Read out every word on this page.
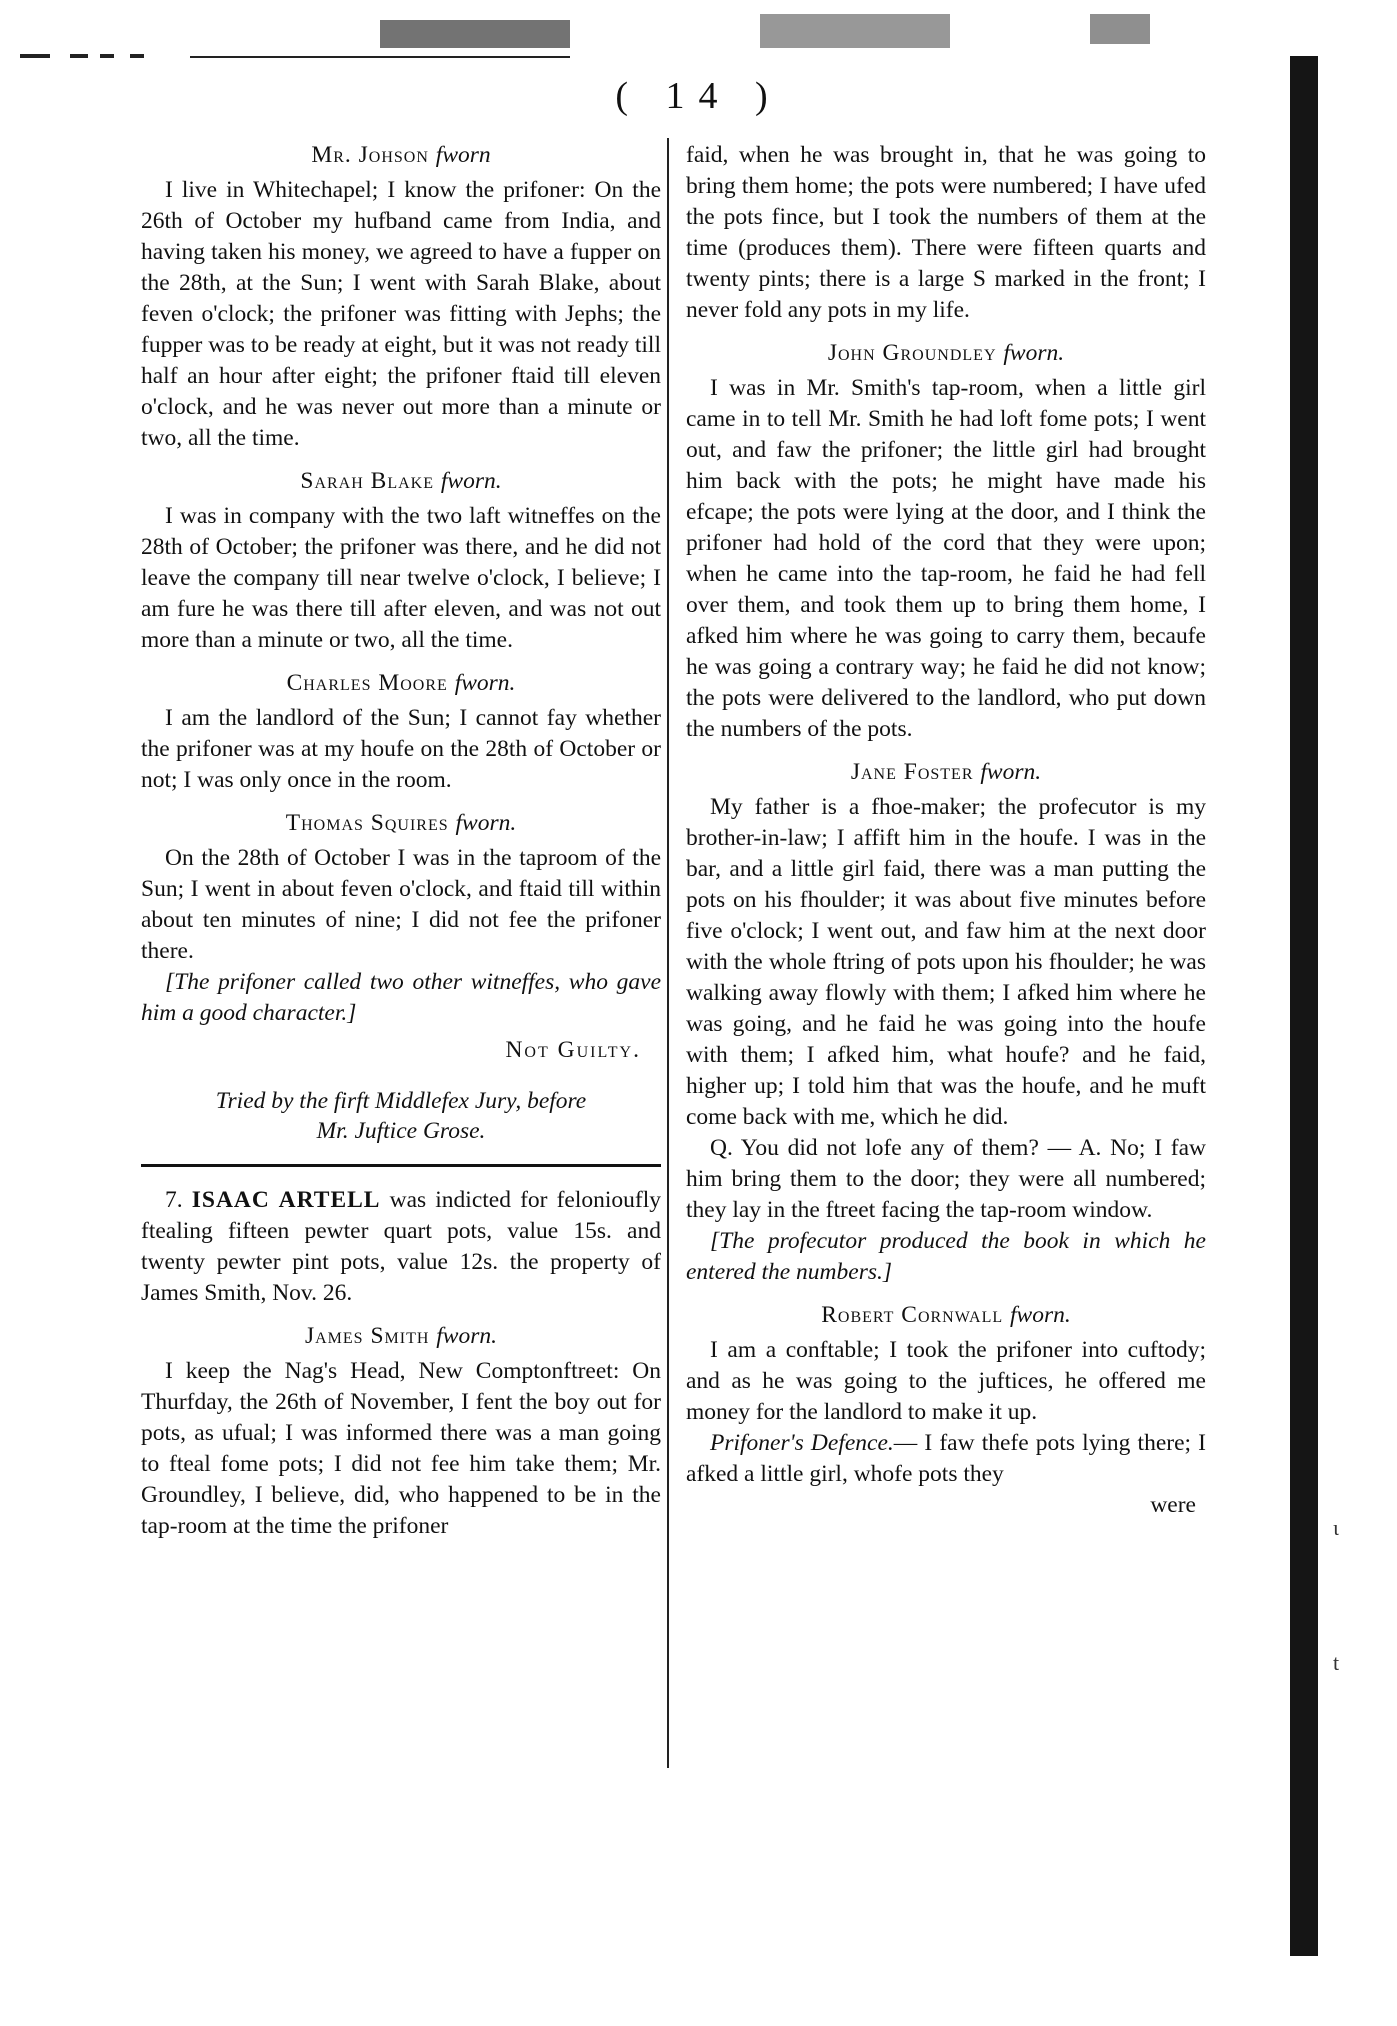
( 14 )
Mr. Johson fworn

I live in Whitechapel; I know the prifoner: On the 26th of October my hufband came from India, and having taken his money, we agreed to have a fupper on the 28th, at the Sun; I went with Sarah Blake, about feven o'clock; the prifoner was fitting with Jephs; the fupper was to be ready at eight, but it was not ready till half an hour after eight; the prifoner ftaid till eleven o'clock, and he was never out more than a minute or two, all the time.

Sarah Blake fworn.

I was in company with the two laft witneffes on the 28th of October; the prifoner was there, and he did not leave the company till near twelve o'clock, I believe; I am fure he was there till after eleven, and was not out more than a minute or two, all the time.

Charles Moore fworn.

I am the landlord of the Sun; I cannot fay whether the prifoner was at my houfe on the 28th of October or not; I was only once in the room.

Thomas Squires fworn.

On the 28th of October I was in the taproom of the Sun; I went in about feven o'clock, and ftaid till within about ten minutes of nine; I did not fee the prifoner there.

[The prifoner called two other witneffes, who gave him a good character.]

Not Guilty.
Tried by the firft Middlefex Jury, before
Mr. Juftice Grose.

7. ISAAC ARTELL was indicted for felonioufly ftealing fifteen pewter quart pots, value 15s. and twenty pewter pint pots, value 12s. the property of James Smith, Nov. 26.

James Smith fworn.

I keep the Nag's Head, New Comptonftreet: On Thurfday, the 26th of November, I fent the boy out for pots, as ufual; I was informed there was a man going to fteal fome pots; I did not fee him take them; Mr. Groundley, I believe, did, who happened to be in the tap-room at the time the prifoner

faid, when he was brought in, that he was going to bring them home; the pots were numbered; I have ufed the pots fince, but I took the numbers of them at the time (produces them). There were fifteen quarts and twenty pints; there is a large S marked in the front; I never fold any pots in my life.

John Groundley fworn.

I was in Mr. Smith's tap-room, when a little girl came in to tell Mr. Smith he had loft fome pots; I went out, and faw the prifoner; the little girl had brought him back with the pots; he might have made his efcape; the pots were lying at the door, and I think the prifoner had hold of the cord that they were upon; when he came into the tap-room, he faid he had fell over them, and took them up to bring them home, I afked him where he was going to carry them, becaufe he was going a contrary way; he faid he did not know; the pots were delivered to the landlord, who put down the numbers of the pots.

Jane Foster fworn.

My father is a fhoe-maker; the profecutor is my brother-in-law; I affift him in the houfe. I was in the bar, and a little girl faid, there was a man putting the pots on his fhoulder; it was about five minutes before five o'clock; I went out, and faw him at the next door with the whole ftring of pots upon his fhoulder; he was walking away flowly with them; I afked him where he was going, and he faid he was going into the houfe with them; I afked him, what houfe? and he faid, higher up; I told him that was the houfe, and he muft come back with me, which he did.

Q. You did not lofe any of them? — A. No; I faw him bring them to the door; they were all numbered; they lay in the ftreet facing the tap-room window.

[The profecutor produced the book in which he entered the numbers.]

Robert Cornwall fworn.

I am a conftable; I took the prifoner into cuftody; and as he was going to the juftices, he offered me money for the landlord to make it up.

Prifoner's Defence.— I faw thefe pots lying there; I afked a little girl, whofe pots they

were
ɩ
t
